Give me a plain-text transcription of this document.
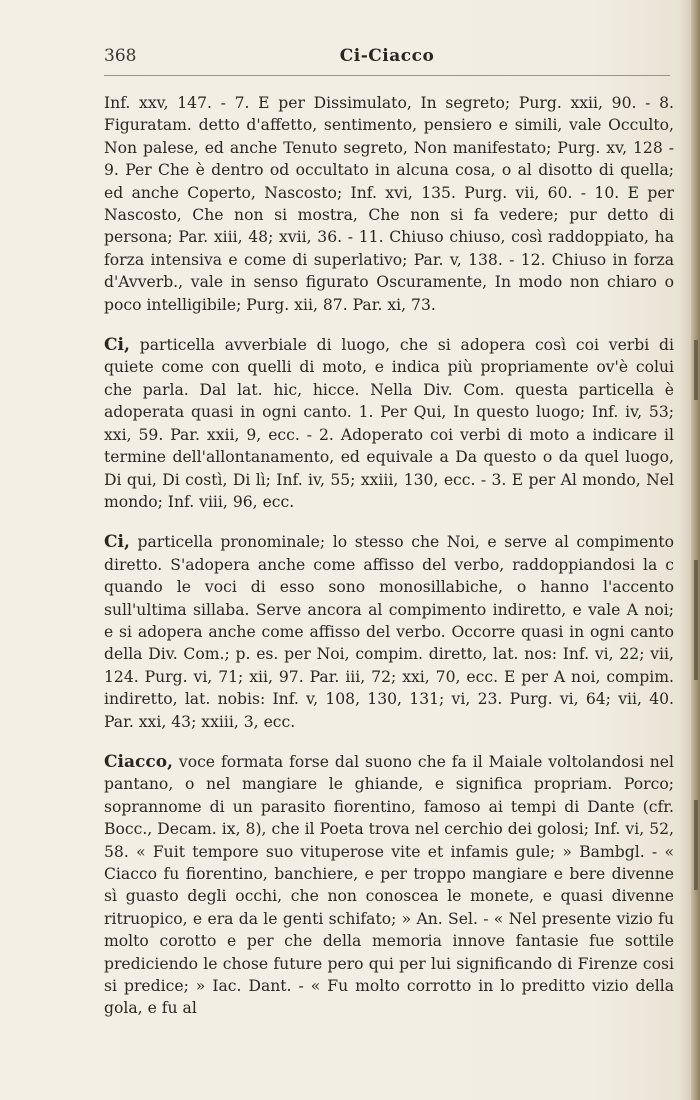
368	Ci-Ciacco

Inf. xxv, 147. - 7. E per Dissimulato, In segreto; Purg. xxii, 90. - 8. Figuratam. detto d'affetto, sentimento, pensiero e simili, vale Occulto, Non palese, ed anche Tenuto segreto, Non manifestato; Purg. xv, 128 - 9. Per Che è dentro od occultato in alcuna cosa, o al disotto di quella; ed anche Coperto, Nascosto; Inf. xvi, 135. Purg. vii, 60. - 10. E per Nascosto, Che non si mostra, Che non si fa vedere; pur detto di persona; Par. xiii, 48; xvii, 36. - 11. Chiuso chiuso, così raddoppiato, ha forza intensiva e come di superlativo; Par. v, 138. - 12. Chiuso in forza d'Avverb., vale in senso figurato Oscuramente, In modo non chiaro o poco intelligibile; Purg. xii, 87. Par. xi, 73.

Ci, particella avverbiale di luogo, che si adopera così coi verbi di quiete come con quelli di moto, e indica più propriamente ov'è colui che parla. Dal lat. hic, hicce. Nella Div. Com. questa particella è adoperata quasi in ogni canto. 1. Per Qui, In questo luogo; Inf. iv, 53; xxi, 59. Par. xxii, 9, ecc. - 2. Adoperato coi verbi di moto a indicare il termine dell'allontanamento, ed equivale a Da questo o da quel luogo, Di qui, Di costì, Di lì; Inf. iv, 55; xxiii, 130, ecc. - 3. E per Al mondo, Nel mondo; Inf. viii, 96, ecc.

Ci, particella pronominale; lo stesso che Noi, e serve al compimento diretto. S'adopera anche come affisso del verbo, raddoppiandosi la c quando le voci di esso sono monosillabiche, o hanno l'accento sull'ultima sillaba. Serve ancora al compimento indiretto, e vale A noi; e si adopera anche come affisso del verbo. Occorre quasi in ogni canto della Div. Com.; p. es. per Noi, compim. diretto, lat. nos: Inf. vi, 22; vii, 124. Purg. vi, 71; xii, 97. Par. iii, 72; xxi, 70, ecc. E per A noi, compim. indiretto, lat. nobis: Inf. v, 108, 130, 131; vi, 23. Purg. vi, 64; vii, 40. Par. xxi, 43; xxiii, 3, ecc.

Ciacco, voce formata forse dal suono che fa il Maiale voltolandosi nel pantano, o nel mangiare le ghiande, e significa propriam. Porco; soprannome di un parasito fiorentino, famoso ai tempi di Dante (cfr. Bocc., Decam. ix, 8), che il Poeta trova nel cerchio dei golosi; Inf. vi, 52, 58. « Fuit tempore suo vituperose vite et infamis gule; » Bambgl. - « Ciacco fu fiorentino, banchiere, e per troppo mangiare e bere divenne sì guasto degli occhi, che non conoscea le monete, e quasi divenne ritruopico, e era da le genti schifato; » An. Sel. - « Nel presente vizio fu molto corotto e per che della memoria innove fantasie fue sottile prediciendo le chose future pero qui per lui significando di Firenze cosi si predice; » Iac. Dant. - « Fu molto corrotto in lo preditto vizio della gola, e fu al
